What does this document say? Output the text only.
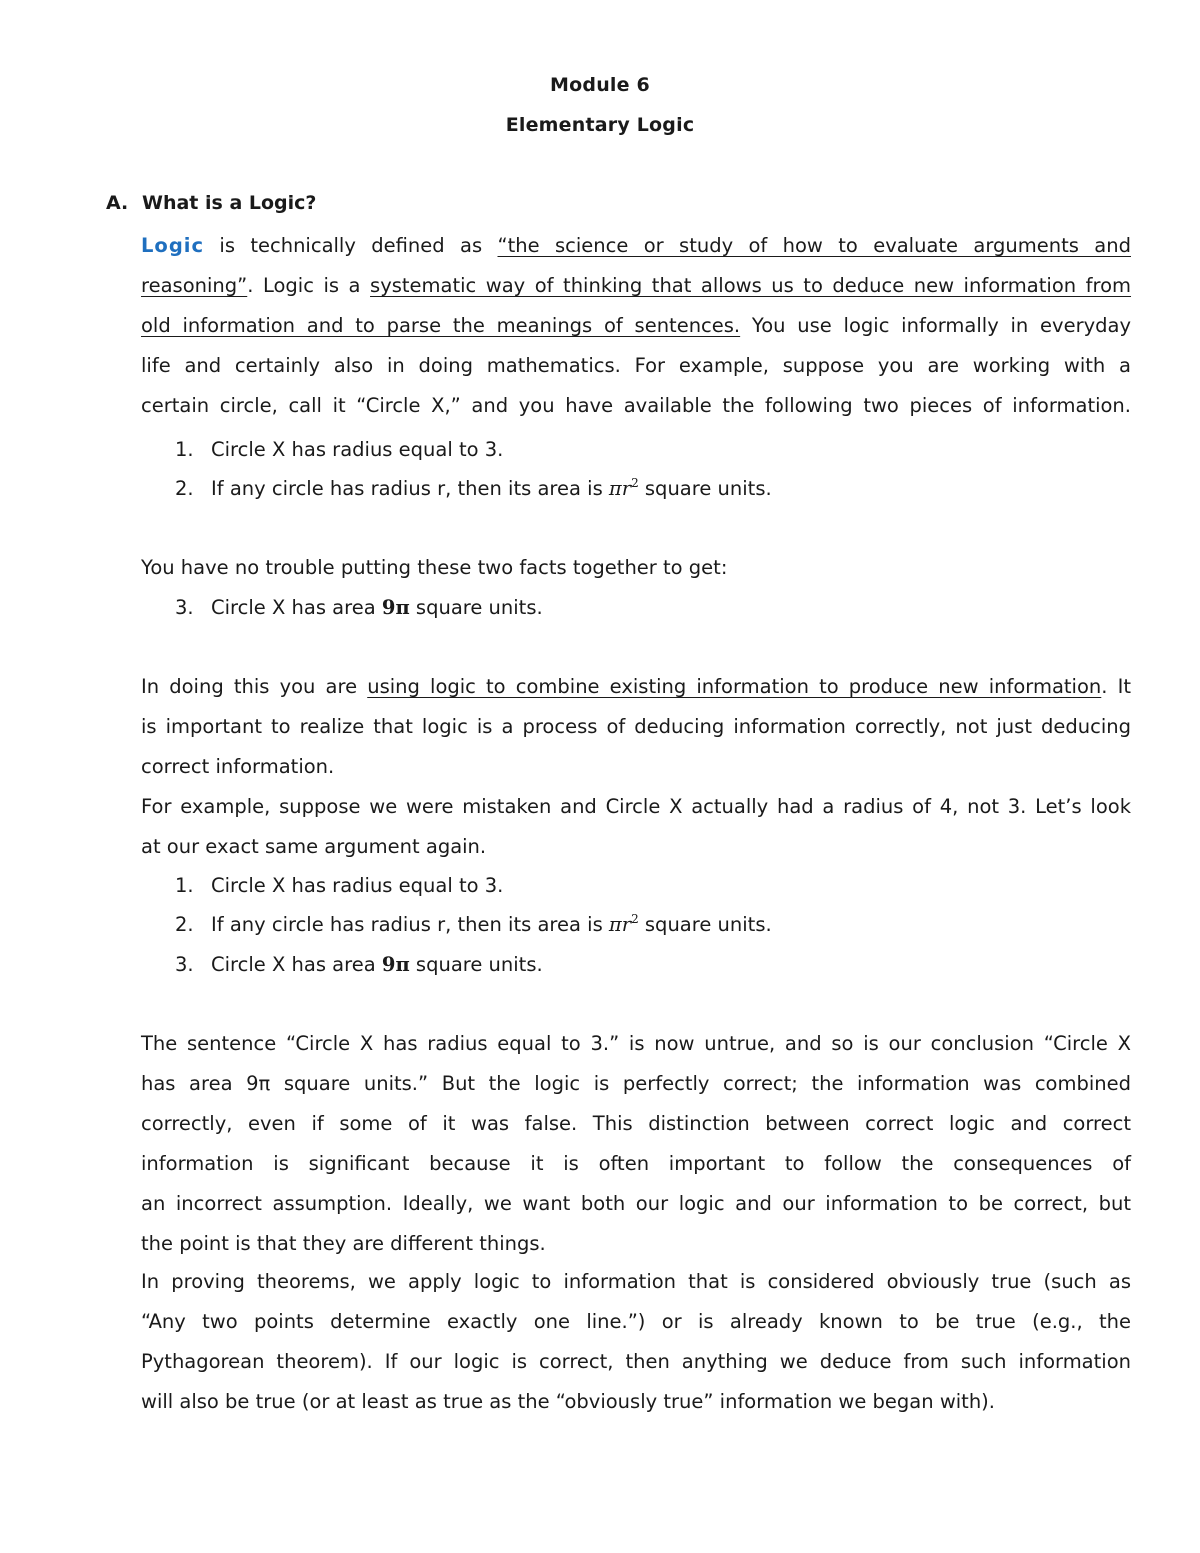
Module 6
Elementary Logic
A. What is a Logic?
Logic is technically defined as “the science or study of how to evaluate arguments and
reasoning”. Logic is a systematic way of thinking that allows us to deduce new information from
old information and to parse the meanings of sentences. You use logic informally in everyday
life and certainly also in doing mathematics. For example, suppose you are working with a
certain circle, call it “Circle X,” and you have available the following two pieces of information.
1. Circle X has radius equal to 3.
2. If any circle has radius r, then its area is $\pi r^2$ square units.
You have no trouble putting these two facts together to get:
3. Circle X has area 9π square units.
In doing this you are using logic to combine existing information to produce new information. It
is important to realize that logic is a process of deducing information correctly, not just deducing
correct information.
For example, suppose we were mistaken and Circle X actually had a radius of 4, not 3. Let’s look
at our exact same argument again.
1. Circle X has radius equal to 3.
2. If any circle has radius r, then its area is $\pi r^2$ square units.
3. Circle X has area 9π square units.
The sentence “Circle X has radius equal to 3.” is now untrue, and so is our conclusion “Circle X
has area 9π square units.” But the logic is perfectly correct; the information was combined
correctly, even if some of it was false. This distinction between correct logic and correct
information is significant because it is often important to follow the consequences of
an incorrect assumption. Ideally, we want both our logic and our information to be correct, but
the point is that they are different things.
In proving theorems, we apply logic to information that is considered obviously true (such as
“Any two points determine exactly one line.”) or is already known to be true (e.g., the
Pythagorean theorem). If our logic is correct, then anything we deduce from such information
will also be true (or at least as true as the “obviously true” information we began with).
